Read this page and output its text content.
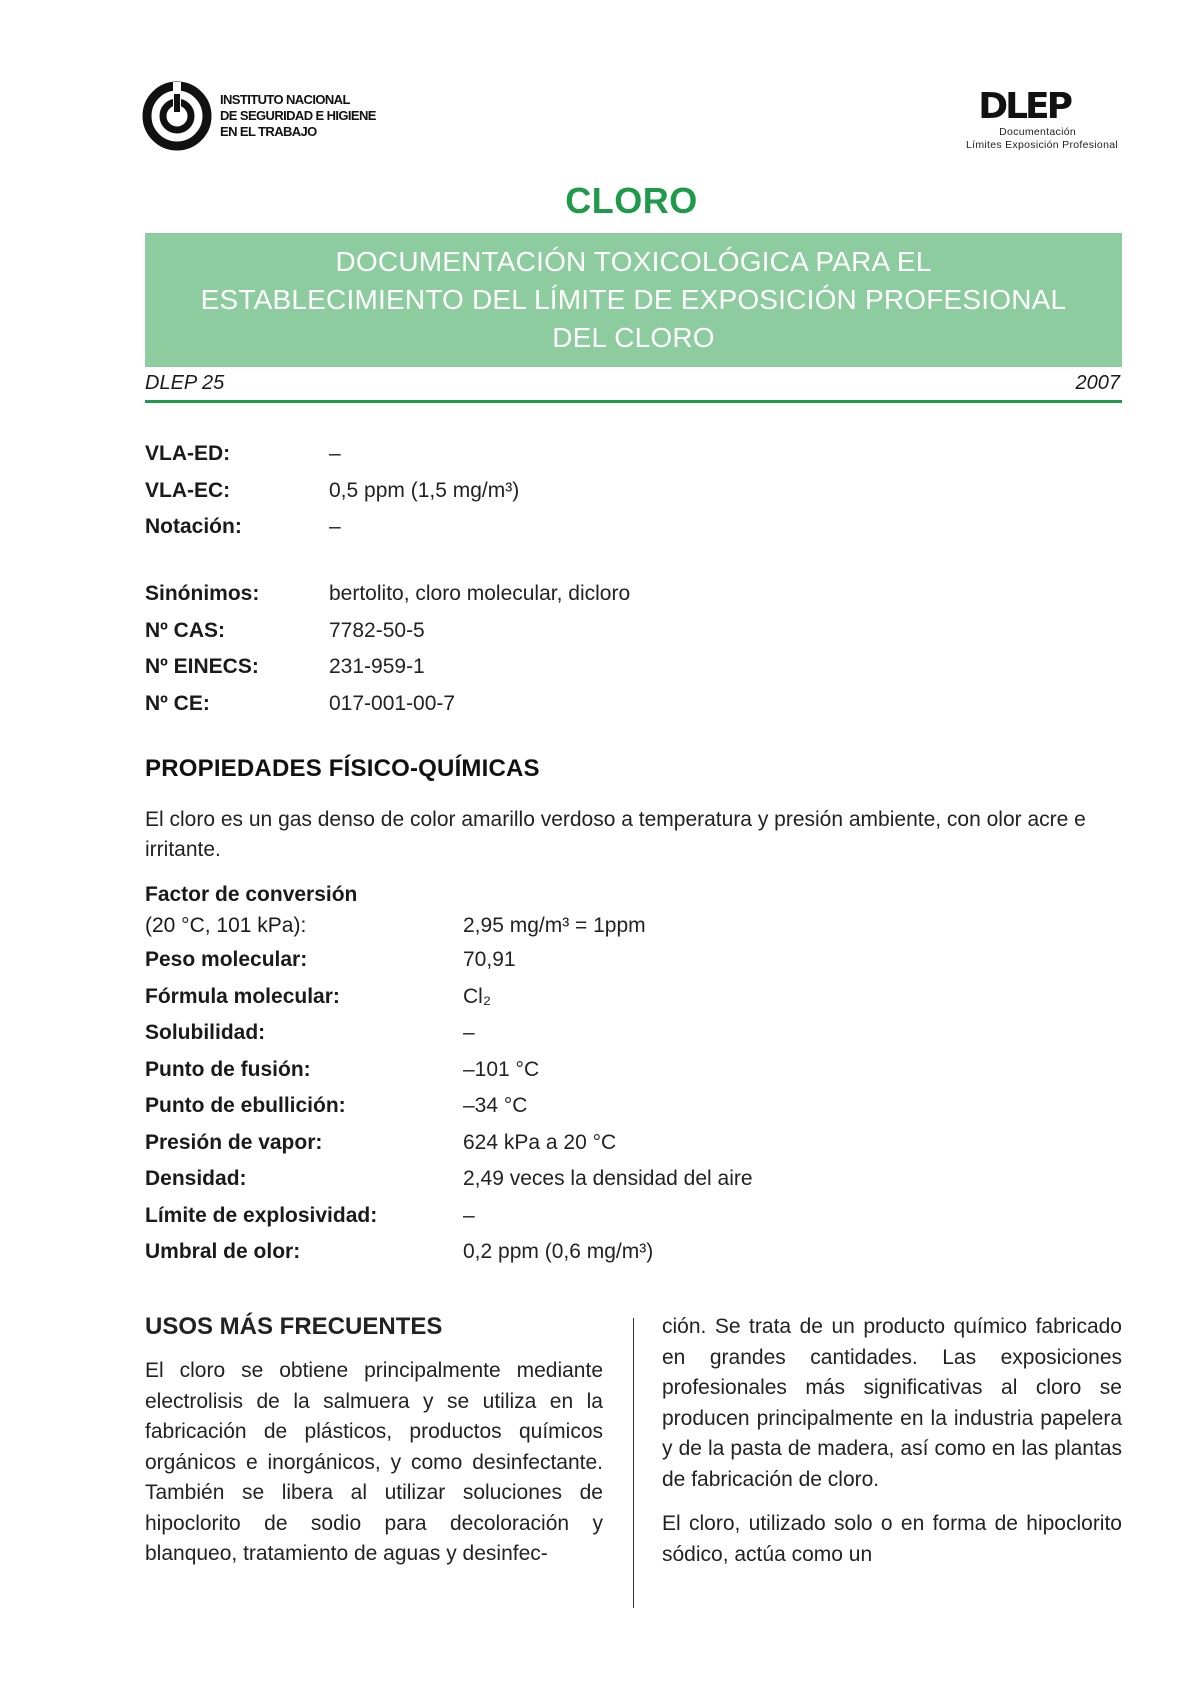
INSTITUTO NACIONAL
DE SEGURIDAD E HIGIENE
EN EL TRABAJO
DLEP
Documentación
Límites Exposición Profesional
CLORO
DOCUMENTACIÓN TOXICOLÓGICA PARA EL
ESTABLECIMIENTO DEL LÍMITE DE EXPOSICIÓN PROFESIONAL
DEL CLORO
DLEP 25	2007
VLA-ED:	–
VLA-EC:	0,5 ppm (1,5 mg/m³)
Notación:	–
Sinónimos:	bertolito, cloro molecular, dicloro
Nº CAS:	7782-50-5
Nº EINECS:	231-959-1
Nº CE:	017-001-00-7
PROPIEDADES FÍSICO-QUÍMICAS
El cloro es un gas denso de color amarillo verdoso a temperatura y presión ambiente, con olor acre e irritante.
Factor de conversión
(20 °C, 101 kPa):	2,95 mg/m³ = 1ppm
Peso molecular:	70,91
Fórmula molecular:	Cl₂
Solubilidad:	–
Punto de fusión:	–101 °C
Punto de ebullición:	–34 °C
Presión de vapor:	624 kPa a 20 °C
Densidad:	2,49 veces la densidad del aire
Límite de explosividad:	–
Umbral de olor:	0,2 ppm (0,6 mg/m³)
USOS MÁS FRECUENTES

El cloro se obtiene principalmente mediante electrolisis de la salmuera y se utiliza en la fabricación de plásticos, productos químicos orgánicos e inorgánicos, y como desinfectante. También se libera al utilizar soluciones de hipoclorito de sodio para decoloración y blanqueo, tratamiento de aguas y desinfec-

ción. Se trata de un producto químico fabricado en grandes cantidades. Las exposiciones profesionales más significativas al cloro se producen principalmente en la industria papelera y de la pasta de madera, así como en las plantas de fabricación de cloro.

El cloro, utilizado solo o en forma de hipoclorito sódico, actúa como un
